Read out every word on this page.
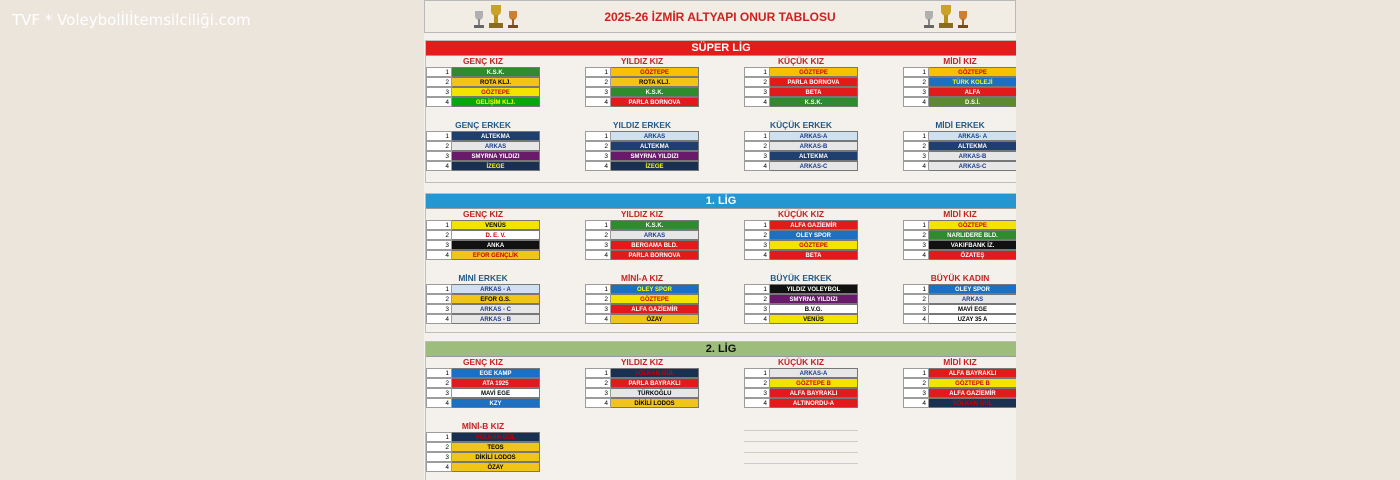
TVF * Voleybolİlİtemsilciliği.com	2025-26 İZMİR ALTYAPI ONUR TABLOSU
SÜPER LİG
GENÇ KIZ
1	K.S.K.
2	ROTA KLJ.
3	GÖZTEPE
4	GELİŞİM KLJ.
YILDIZ KIZ
1	GÖZTEPE
2	ROTA KLJ.
3	K.S.K.
4	PARLA BORNOVA
KÜÇÜK KIZ
1	GÖZTEPE
2	PARLA BORNOVA
3	BETA
4	K.S.K.
MİDİ KIZ
1	GÖZTEPE
2	TÜRK KOLEJİ
3	ALFA
4	D.S.İ.
GENÇ ERKEK
1	ALTEKMA
2	ARKAS
3	SMYRNA YILDIZI
4	İZEGE
YILDIZ ERKEK
1	ARKAS
2	ALTEKMA
3	SMYRNA YILDIZI
4	İZEGE
KÜÇÜK ERKEK
1	ARKAS-A
2	ARKAS-B
3	ALTEKMA
4	ARKAS-C
MİDİ ERKEK
1	ARKAS- A
2	ALTEKMA
3	ARKAS-B
4	ARKAS-C
1. LİG
GENÇ KIZ
1	VENÜS
2	D. E. V.
3	ANKA
4	EFOR GENÇLİK
YILDIZ KIZ
1	K.S.K.
2	ARKAS
3	BERGAMA BLD.
4	PARLA BORNOVA
KÜÇÜK KIZ
1	ALFA GAZİEMİR
2	OLEY SPOR
3	GÖZTEPE
4	BETA
MİDİ KIZ
1	GÖZTEPE
2	NARLIDERE BLD.
3	VAKIFBANK İZ.
4	ÖZATEŞ
MİNİ ERKEK
1	ARKAS - A
2	EFOR G.S.
3	ARKAS - C
4	ARKAS - B
MİNİ-A KIZ
1	OLEY SPOR
2	GÖZTEPE
3	ALFA GAZİEMİR
4	ÖZAY
BÜYÜK ERKEK
1	YILDIZ VOLEYBOL
2	SMYRNA YILDIZI
3	B.V.G.
4	VENÜS
BÜYÜK KADIN
1	OLEY SPOR
2	ARKAS
3	MAVİ EGE
4	UZAY 35 A
2. LİG
GENÇ KIZ
1	EGE KAMP
2	ATA 1925
3	MAVİ EGE
4	KZY
YILDIZ KIZ
1	VOLKAN GÜL
2	PARLA BAYRAKLI
3	TÜRKOĞLU
4	DİKİLİ LODOS
KÜÇÜK KIZ
1	ARKAS-A
2	GÖZTEPE B
3	ALFA BAYRAKLI
4	ALTINORDU-A
MİDİ KIZ
1	ALFA BAYRAKLI
2	GÖZTEPE B
3	ALFA GAZİEMİR
4	VOLKAN GÜL
MİNİ-B KIZ
1	VOLKAN GÜL
2	TEOS
3	DİKİLİ LODOS
4	ÖZAY
